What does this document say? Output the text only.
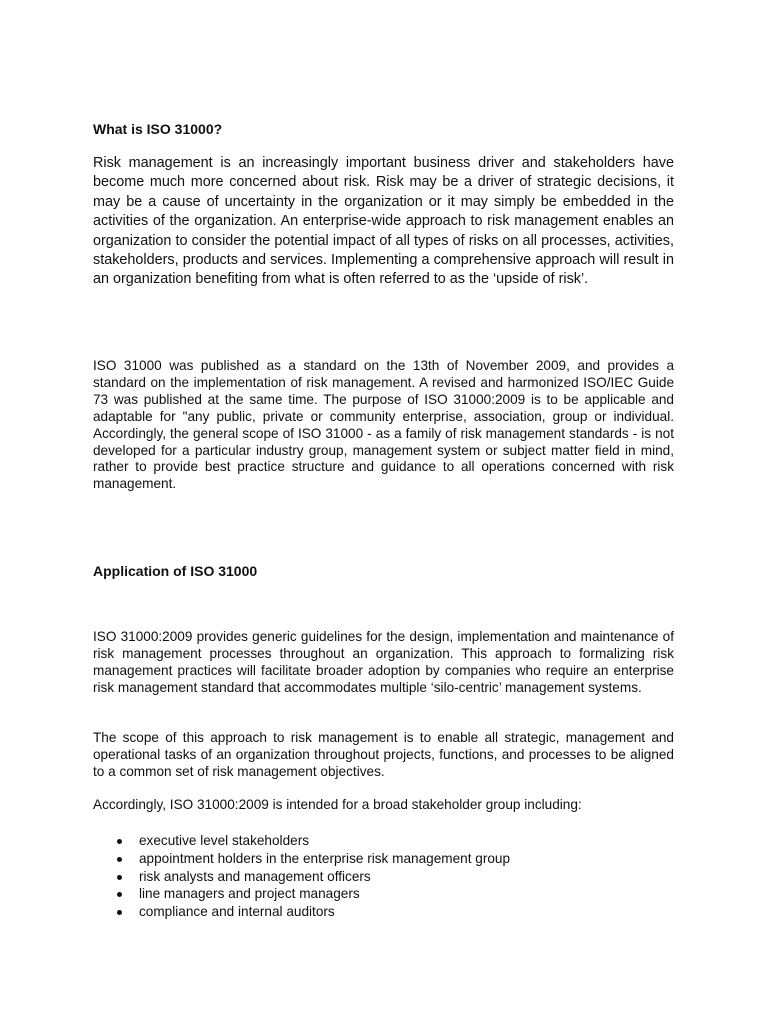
What is ISO 31000?

Risk management is an increasingly important business driver and stakeholders have become much more concerned about risk. Risk may be a driver of strategic decisions, it may be a cause of uncertainty in the organization or it may simply be embedded in the activities of the organization. An enterprise-wide approach to risk management enables an organization to consider the potential impact of all types of risks on all processes, activities, stakeholders, products and services. Implementing a comprehensive approach will result in an organization benefiting from what is often referred to as the ‘upside of risk’.

ISO 31000 was published as a standard on the 13th of November 2009, and provides a standard on the implementation of risk management. A revised and harmonized ISO/IEC Guide 73 was published at the same time. The purpose of ISO 31000:2009 is to be applicable and adaptable for "any public, private or community enterprise, association, group or individual. Accordingly, the general scope of ISO 31000 - as a family of risk management standards - is not developed for a particular industry group, management system or subject matter field in mind, rather to provide best practice structure and guidance to all operations concerned with risk management.

Application of ISO 31000

ISO 31000:2009 provides generic guidelines for the design, implementation and maintenance of risk management processes throughout an organization. This approach to formalizing risk management practices will facilitate broader adoption by companies who require an enterprise risk management standard that accommodates multiple ‘silo-centric’ management systems.

The scope of this approach to risk management is to enable all strategic, management and operational tasks of an organization throughout projects, functions, and processes to be aligned to a common set of risk management objectives.

Accordingly, ISO 31000:2009 is intended for a broad stakeholder group including:

executive level stakeholders
appointment holders in the enterprise risk management group
risk analysts and management officers
line managers and project managers
compliance and internal auditors
